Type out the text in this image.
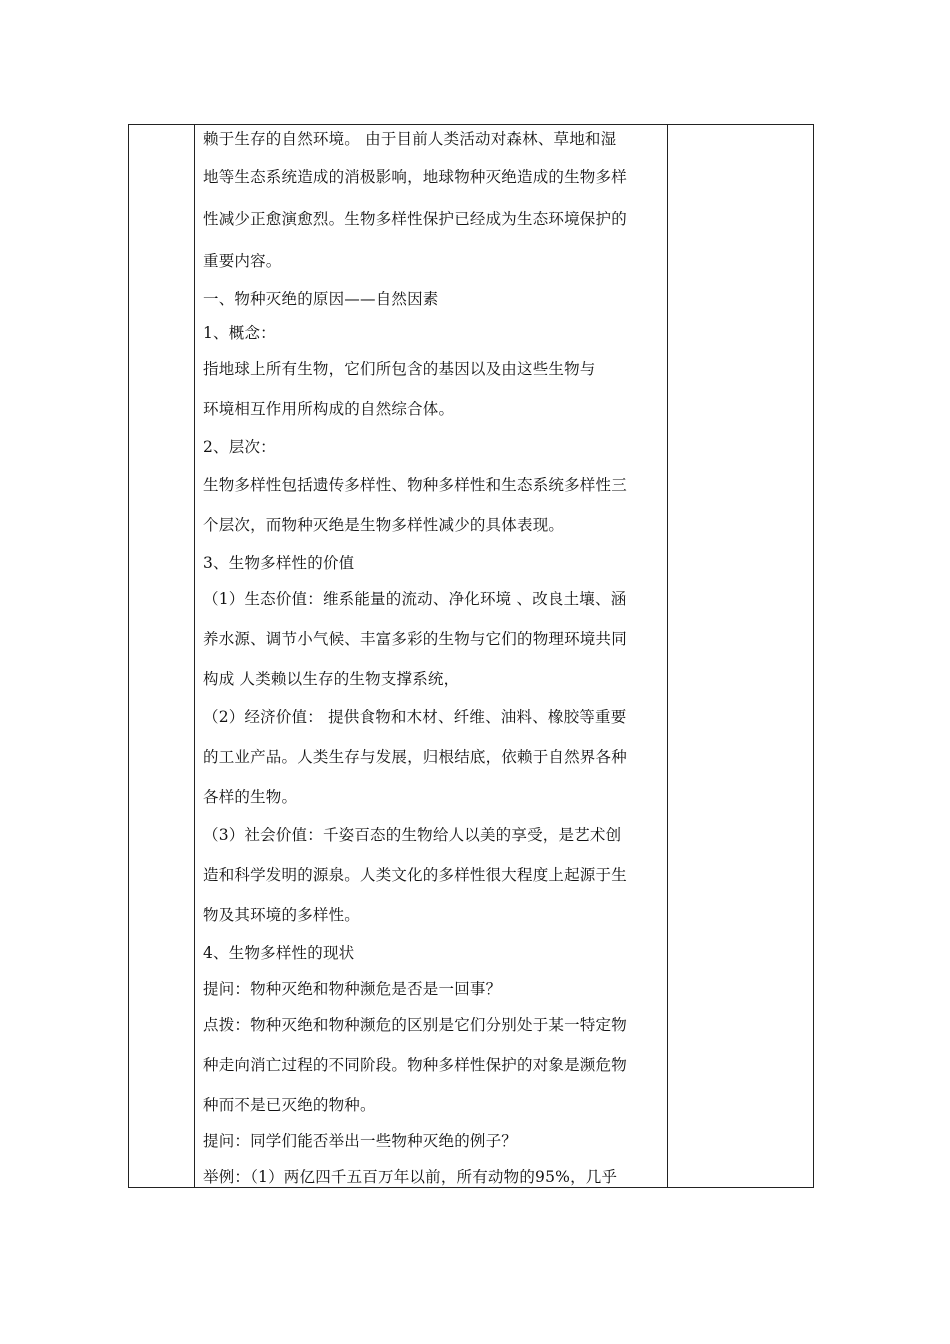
赖于生存的自然环境。 由于目前人类活动对森林、草地和湿
地等生态系统造成的消极影响，地球物种灭绝造成的生物多样
性减少正愈演愈烈。生物多样性保护已经成为生态环境保护的
重要内容。
一、物种灭绝的原因——自然因素
1、概念：
指地球上所有生物，它们所包含的基因以及由这些生物与
环境相互作用所构成的自然综合体。
2、层次：
生物多样性包括遗传多样性、物种多样性和生态系统多样性三
个层次，而物种灭绝是生物多样性减少的具体表现。
3、生物多样性的价值
（1）生态价值：维系能量的流动、净化环境 、改良土壤、涵
养水源、调节小气候、丰富多彩的生物与它们的物理环境共同
构成 人类赖以生存的生物支撑系统，
（2）经济价值： 提供食物和木材、纤维、油料、橡胶等重要
的工业产品。人类生存与发展，归根结底，依赖于自然界各种
各样的生物。
（3）社会价值：千姿百态的生物给人以美的享受，是艺术创
造和科学发明的源泉。人类文化的多样性很大程度上起源于生
物及其环境的多样性。
4、生物多样性的现状
提问：物种灭绝和物种濒危是否是一回事？
点拨：物种灭绝和物种濒危的区别是它们分别处于某一特定物
种走向消亡过程的不同阶段。物种多样性保护的对象是濒危物
种而不是已灭绝的物种。
提问：同学们能否举出一些物种灭绝的例子？
举例：（1）两亿四千五百万年以前，所有动物的95%，几乎
